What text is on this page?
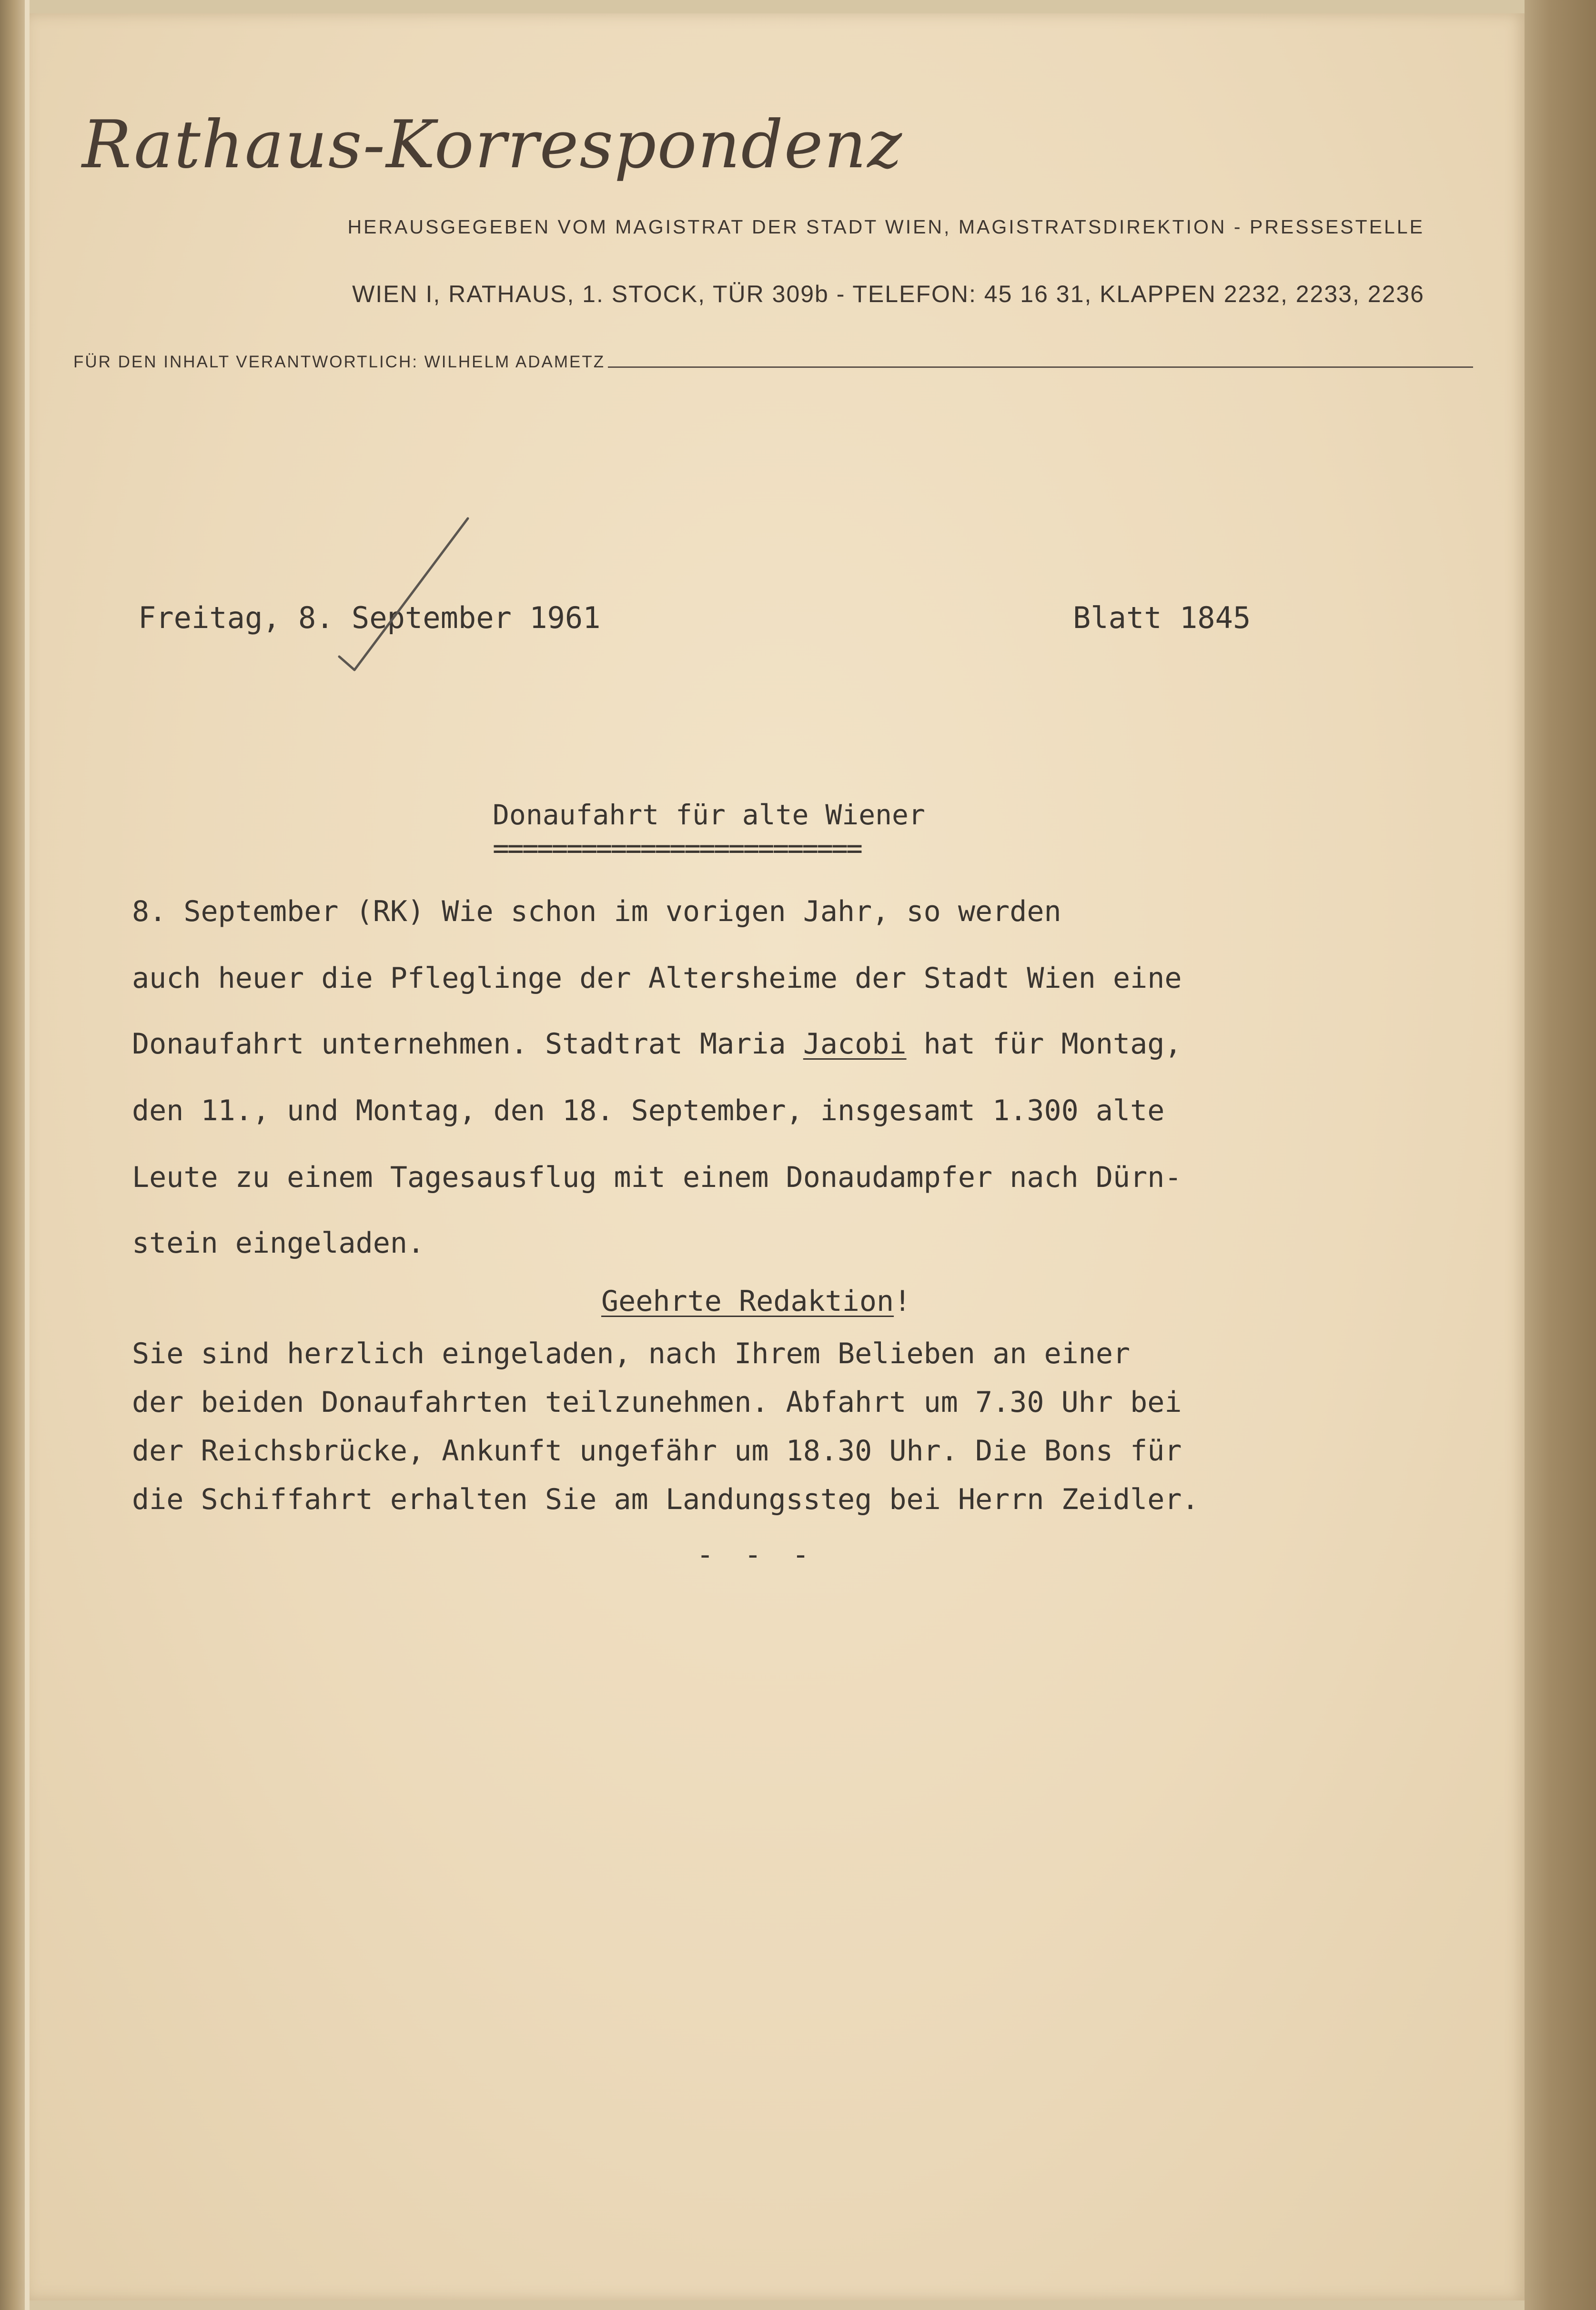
Rathaus-Korrespondenz
HERAUSGEGEBEN VOM MAGISTRAT DER STADT WIEN, MAGISTRATSDIREKTION - PRESSESTELLE
WIEN I, RATHAUS, 1. STOCK, TÜR 309b - TELEFON: 45 16 31, KLAPPEN 2232, 2233, 2236
FÜR DEN INHALT VERANTWORTLICH: WILHELM ADAMETZ
Freitag, 8. September 1961	Blatt 1845
Donaufahrt für alte Wiener
=========================
8. September (RK) Wie schon im vorigen Jahr, so werden
auch heuer die Pfleglinge der Altersheime der Stadt Wien eine
Donaufahrt unternehmen. Stadtrat Maria Jacobi hat für Montag,
den 11., und Montag, den 18. September, insgesamt 1.300 alte
Leute zu einem Tagesausflug mit einem Donaudampfer nach Dürn-
stein eingeladen.
Geehrte Redaktion!
Sie sind herzlich eingeladen, nach Ihrem Belieben an einer
der beiden Donaufahrten teilzunehmen. Abfahrt um 7.30 Uhr bei
der Reichsbrücke, Ankunft ungefähr um 18.30 Uhr. Die Bons für
die Schiffahrt erhalten Sie am Landungssteg bei Herrn Zeidler.
- - -
